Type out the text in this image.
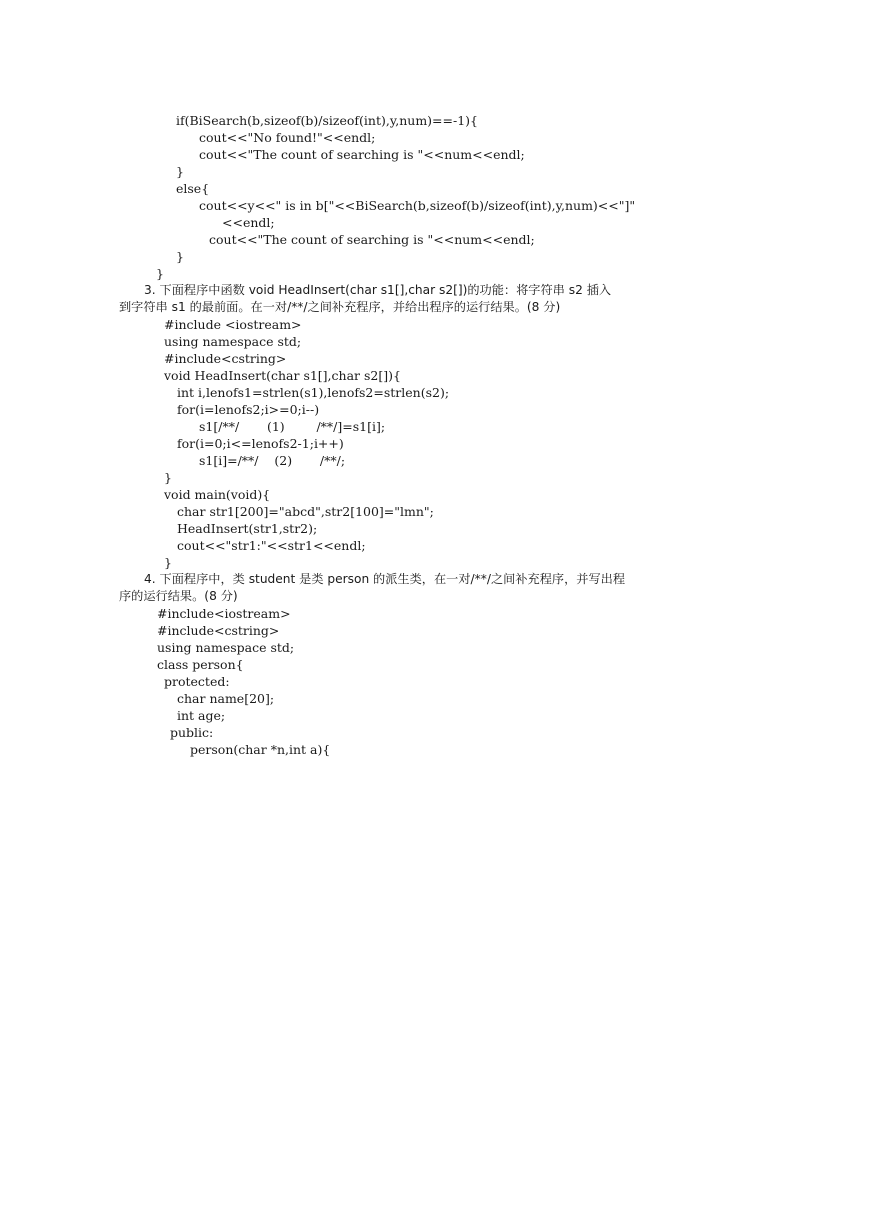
if(BiSearch(b,sizeof(b)/sizeof(int),y,num)==-1){
cout<<"No found!"<<endl;
cout<<"The count of searching is "<<num<<endl;
}
else{
cout<<y<<" is in b["<<BiSearch(b,sizeof(b)/sizeof(int),y,num)<<"]"
<<endl;
cout<<"The count of searching is "<<num<<endl;
}
}
3. 下面程序中函数 void HeadInsert(char s1[],char s2[])的功能：将字符串 s2 插入
到字符串 s1 的最前面。在一对/**/之间补充程序，并给出程序的运行结果。(8 分)
#include <iostream>
using namespace std;
#include<cstring>
void HeadInsert(char s1[],char s2[]){
int i,lenofs1=strlen(s1),lenofs2=strlen(s2);
for(i=lenofs2;i>=0;i--)
s1[/**/       (1)        /**/]=s1[i];
for(i=0;i<=lenofs2-1;i++)
s1[i]=/**/    (2)       /**/;
}
void main(void){
char str1[200]="abcd",str2[100]="lmn";
HeadInsert(str1,str2);
cout<<"str1:"<<str1<<endl;
}
4. 下面程序中，类 student 是类 person 的派生类，在一对/**/之间补充程序，并写出程
序的运行结果。(8 分)
#include<iostream>
#include<cstring>
using namespace std;
class person{
protected:
char name[20];
int age;
public:
person(char *n,int a){
